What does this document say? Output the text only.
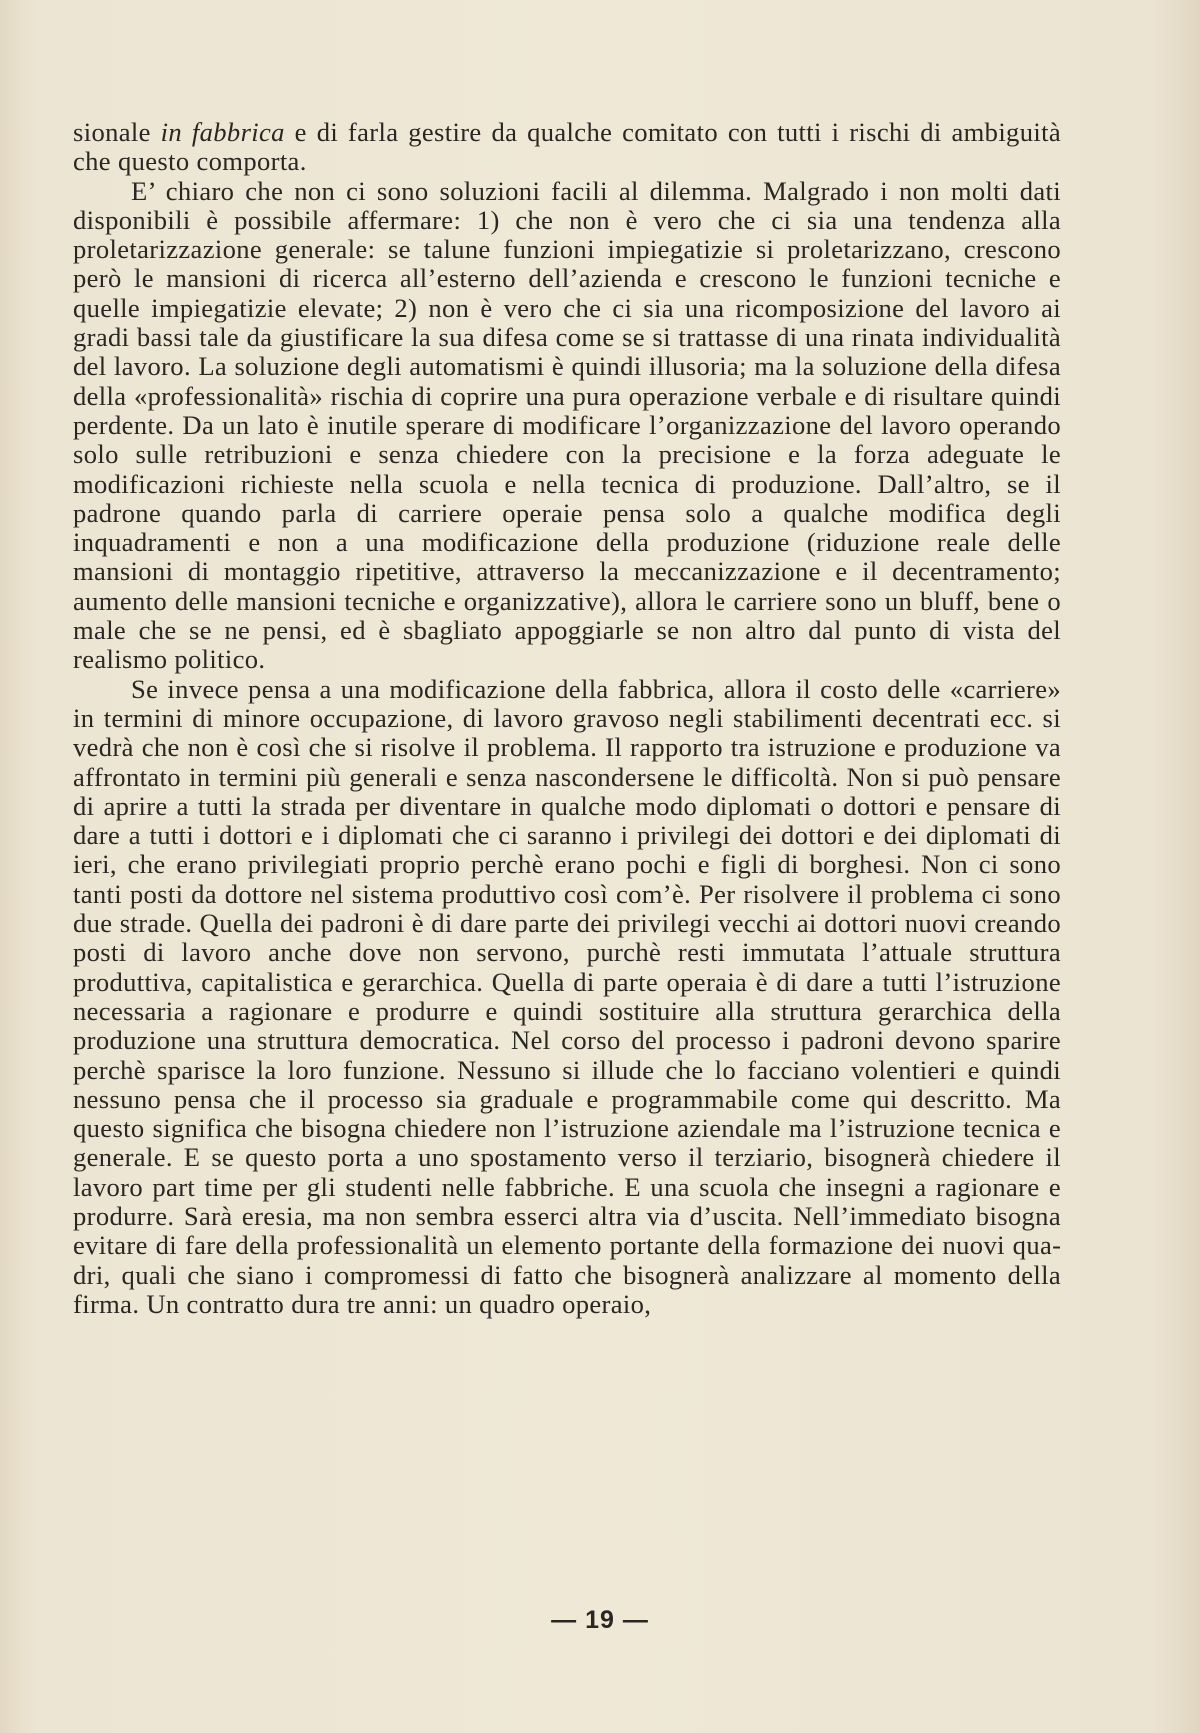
sionale in fabbrica e di farla gestire da qualche comitato con tutti i rischi di ambiguità che questo comporta.

E’ chiaro che non ci sono soluzioni facili al dilemma. Malgrado i non molti dati disponibili è possibile affermare: 1) che non è vero che ci sia una tendenza alla proletarizzazione generale: se talune funzioni impiegatizie si proletarizzano, crescono però le mansioni di ricerca all’esterno dell’azienda e crescono le funzioni tecniche e quelle impiegatizie elevate; 2) non è vero che ci sia una ricomposizione del lavoro ai gradi bassi tale da giustificare la sua difesa come se si trattasse di una rinata individualità del lavoro. La soluzione degli automatismi è quindi illusoria; ma la soluzione della difesa della «professionalità» rischia di coprire una pura operazione verbale e di risultare quindi perdente. Da un lato è inutile sperare di modificare l’organizzazione del lavoro operando solo sulle retribuzioni e senza chiedere con la precisione e la forza adeguate le modificazioni richieste nella scuola e nella tecnica di produzione. Dall’altro, se il padrone quando parla di carriere operaie pensa solo a qualche modifica degli inquadramenti e non a una modificazione della produzione (riduzione reale delle mansioni di montaggio ripetitive, attraverso la meccanizzazione e il decentramento; aumento delle mansioni tecniche e organizzative), allora le carriere sono un bluff, bene o male che se ne pensi, ed è sbagliato appoggiarle se non altro dal punto di vista del realismo politico.

Se invece pensa a una modificazione della fabbrica, allora il costo delle «carriere» in termini di minore occupazione, di lavoro gravoso negli stabilimenti decentrati ecc. si vedrà che non è così che si risolve il problema. Il rapporto tra istruzione e produzione va affrontato in termini più generali e senza nascondersene le difficoltà. Non si può pensare di aprire a tutti la strada per diventare in qualche modo diplomati o dottori e pensare di dare a tutti i dottori e i diplomati che ci saranno i privilegi dei dottori e dei diplomati di ieri, che erano privilegiati proprio perchè erano pochi e figli di borghesi. Non ci sono tanti posti da dottore nel sistema produttivo così com’è. Per risolvere il problema ci sono due strade. Quella dei padroni è di dare parte dei privilegi vecchi ai dottori nuovi creando posti di lavoro anche dove non servono, purchè resti immutata l’attuale struttura produttiva, capitalistica e gerarchica. Quella di parte operaia è di dare a tutti l’istruzione necessaria a ragionare e produrre e quindi sostituire alla struttura gerarchica della produzione una struttura democratica. Nel corso del processo i padroni devono sparire perchè sparisce la loro funzione. Nessuno si illude che lo facciano volentieri e quindi nessuno pensa che il processo sia graduale e programmabile come qui descritto. Ma questo significa che bisogna chiedere non l’istruzione aziendale ma l’istruzione tecnica e generale. E se questo porta a uno spostamento verso il terziario, bisognerà chiedere il lavoro part time per gli studenti nelle fabbriche. E una scuola che insegni a ragionare e produrre. Sarà eresia, ma non sembra esserci altra via d’uscita. Nell’immediato bisogna evitare di fare della professionalità un elemento portante della formazione dei nuovi quadri, quali che siano i compromessi di fatto che bisognerà analizzare al momento della firma. Un contratto dura tre anni: un quadro operaio,

— 19 —
